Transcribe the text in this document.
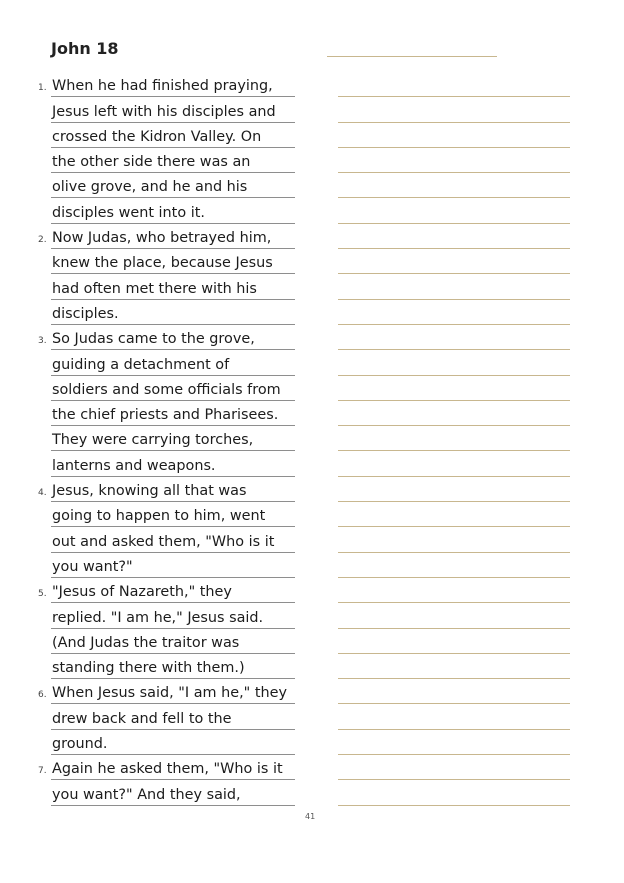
John 18
1. When he had finished praying,
Jesus left with his disciples and
crossed the Kidron Valley. On
the other side there was an
olive grove, and he and his
disciples went into it.
2. Now Judas, who betrayed him,
knew the place, because Jesus
had often met there with his
disciples.
3. So Judas came to the grove,
guiding a detachment of
soldiers and some officials from
the chief priests and Pharisees.
They were carrying torches,
lanterns and weapons.
4. Jesus, knowing all that was
going to happen to him, went
out and asked them, "Who is it
you want?"
5. "Jesus of Nazareth," they
replied. "I am he," Jesus said.
(And Judas the traitor was
standing there with them.)
6. When Jesus said, "I am he," they
drew back and fell to the
ground.
7. Again he asked them, "Who is it
you want?" And they said,
41
